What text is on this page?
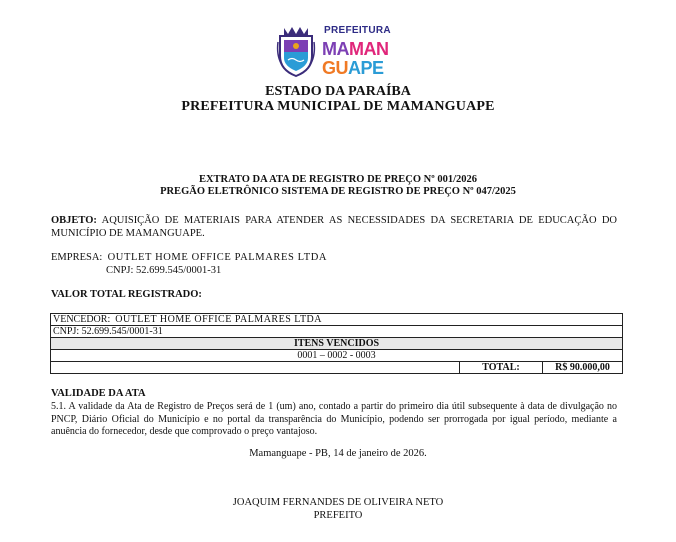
PREFEITURA
MAMAN
GUAPE
ESTADO DA PARAÍBA
PREFEITURA MUNICIPAL DE MAMANGUAPE
EXTRATO DA ATA DE REGISTRO DE PREÇO Nº 001/2026
PREGÃO ELETRÔNICO SISTEMA DE REGISTRO DE PREÇO Nº 047/2025
OBJETO: AQUISIÇÃO DE MATERIAIS PARA ATENDER AS NECESSIDADES DA SECRETARIA DE EDUCAÇÃO DO MUNICÍPIO DE MAMANGUAPE.
EMPRESA: OUTLET HOME OFFICE PALMARES LTDA
CNPJ: 52.699.545/0001-31
VALOR TOTAL REGISTRADO:
VENCEDOR: OUTLET HOME OFFICE PALMARES LTDA
CNPJ: 52.699.545/0001-31
ITENS VENCIDOS
0001 – 0002 - 0003
	TOTAL:	R$ 90.000,00
VALIDADE DA ATA
5.1. A validade da Ata de Registro de Preços será de 1 (um) ano, contado a partir do primeiro dia útil subsequente à data de divulgação no PNCP, Diário Oficial do Município e no portal da transparência do Município, podendo ser prorrogada por igual período, mediante a anuência do fornecedor, desde que comprovado o preço vantajoso.
Mamanguape - PB, 14 de janeiro de 2026.
JOAQUIM FERNANDES DE OLIVEIRA NETO
PREFEITO
